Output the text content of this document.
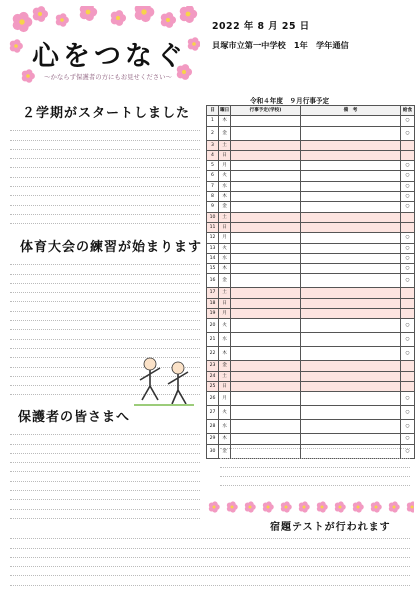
心をつなぐ
～かならず保護者の方にもお見せください～
2022 年 8 月 25 日
貝塚市立第一中学校　1年　学年通信
令和４年度　９月行事予定
日	曜日	行事予定(学校)	備　考	給食
1	木			○
2	金			○
3	土			
4	日			
5	月			○
6	火			○
7	水			○
8	木			○
9	金			○
10	土			
11	日			
12	月			○
13	火			○
14	水			○
15	木			○
16	金			○
17	土			
18	日			
19	月			
20	火			○
21	水			○
22	木			○
23	金			
24	土			
25	日			
26	月			○
27	火			○
28	水			○
29	木			○
30	金			○
２学期がスタートしました
体育大会の練習が始まります
保護者の皆さまへ
宿題テストが行われます
